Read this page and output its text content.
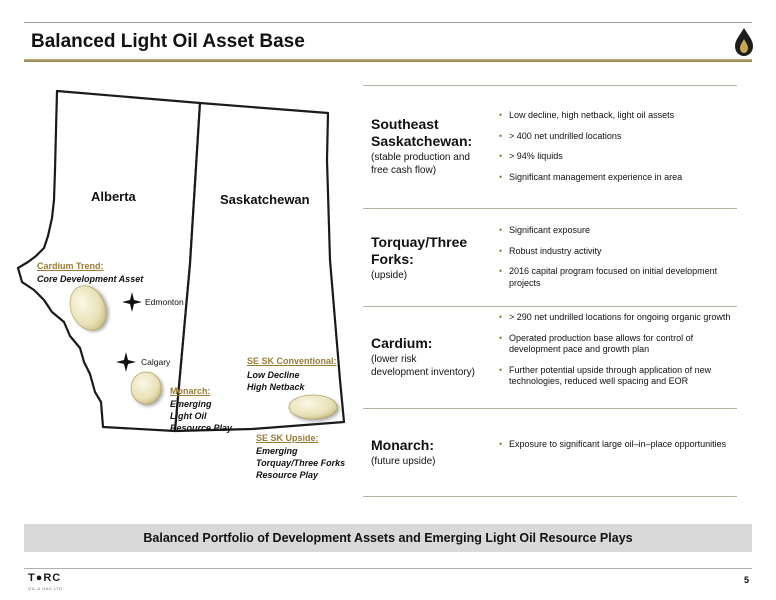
Balanced Light Oil Asset Base
Alberta	Saskatchewan
Edmonton
Calgary
Cardium Trend:
Core Development Asset
Monarch:
Emerging
Light Oil
Resource Play
SE SK Conventional:
Low Decline
High Netback
SE SK Upside:
Emerging
Torquay/Three Forks
Resource Play
Southeast
Saskatchewan:
(stable production and
free cash flow)
• Low decline, high netback, light oil assets
• > 400 net undrilled locations
• > 94% liquids
• Significant management experience in area
Torquay/Three
Forks:
(upside)
• Significant exposure
• Robust industry activity
• 2016 capital program focused on initial development projects
Cardium:
(lower risk
development inventory)
• > 290 net undrilled locations for ongoing organic growth
• Operated production base allows for control of development pace and growth plan
• Further potential upside through application of new technologies, reduced well spacing and EOR
Monarch:
(future upside)
• Exposure to significant large oil–in–place opportunities
Balanced Portfolio of Development Assets and Emerging Light Oil Resource Plays
T●RC
OIL & GAS LTD.
5
